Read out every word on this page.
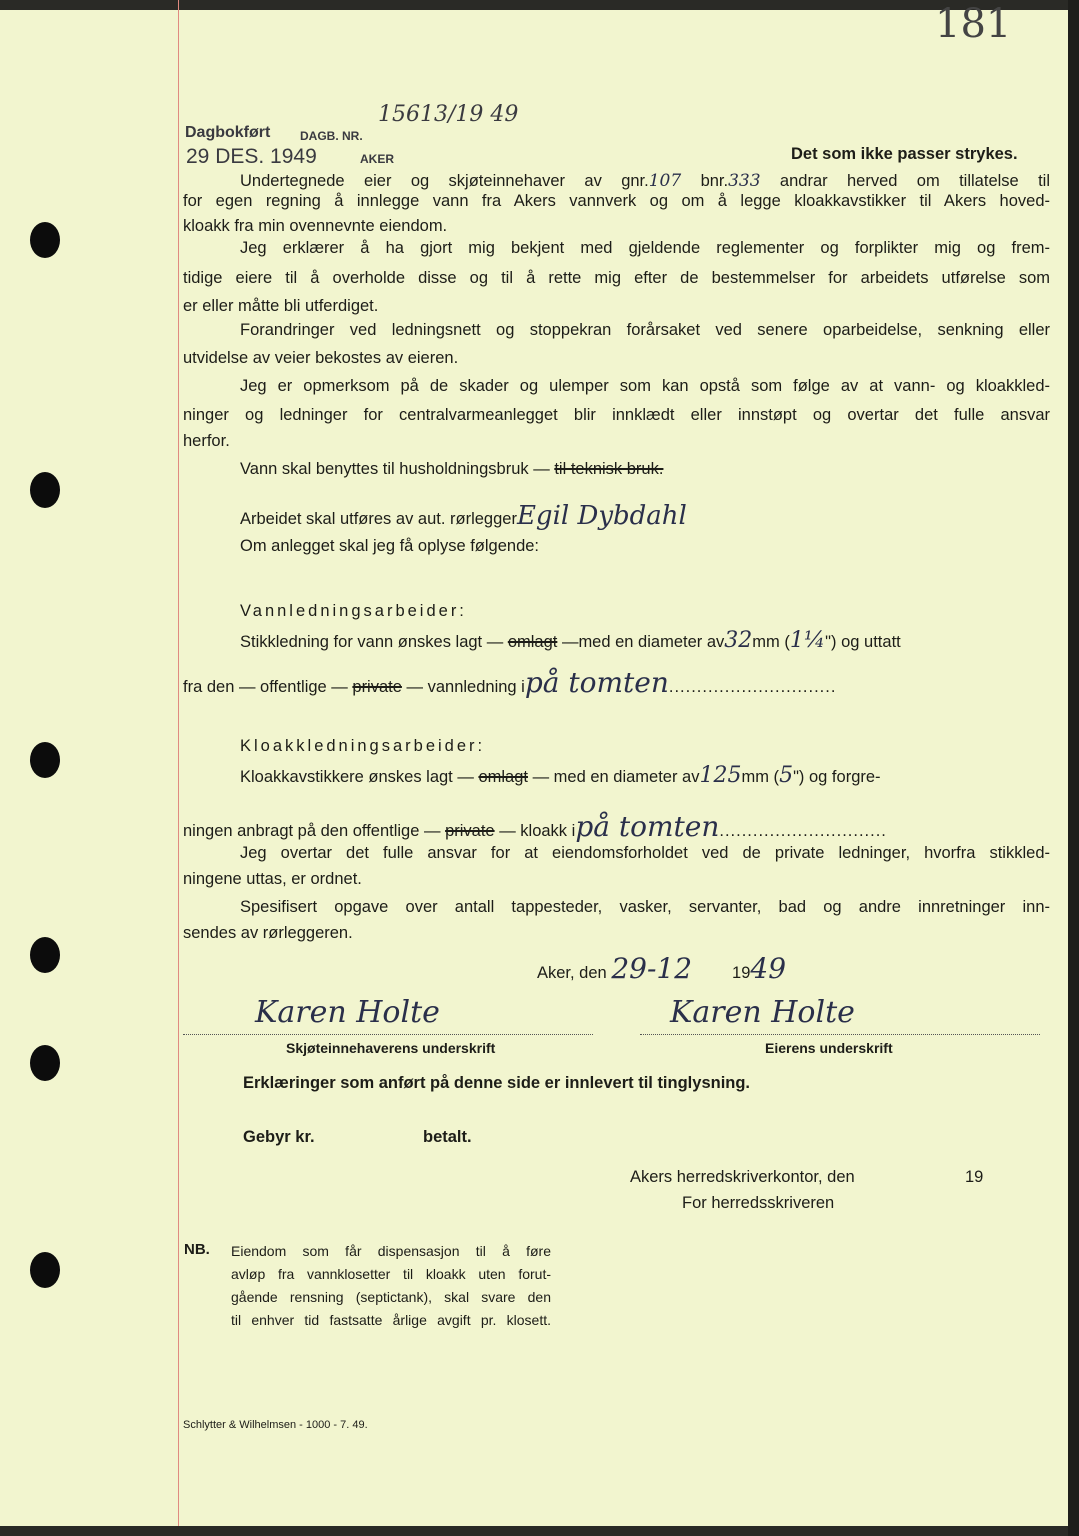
181
Dagbokført DAGB. NR.
15613/19 49
AKER
29 DES. 1949	Det som ikke passer strykes.
Undertegnede eier og skjøteinnehaver av gnr.107 bnr.333 andrar herved om tillatelse til
for egen regning å innlegge vann fra Akers vannverk og om å legge kloakkavstikker til Akers hoved-
kloakk fra min ovennevnte eiendom.
Jeg erklærer å ha gjort mig bekjent med gjeldende reglementer og forplikter mig og frem-
tidige eiere til å overholde disse og til å rette mig efter de bestemmelser for arbeidets utførelse som
er eller måtte bli utferdiget.
Forandringer ved ledningsnett og stoppekran forårsaket ved senere oparbeidelse, senkning eller
utvidelse av veier bekostes av eieren.
Jeg er opmerksom på de skader og ulemper som kan opstå som følge av at vann- og kloakkled-
ninger og ledninger for centralvarmeanlegget blir innklædt eller innstøpt og overtar det fulle ansvar
herfor.
Vann skal benyttes til husholdningsbruk — til teknisk bruk.
Arbeidet skal utføres av aut. rørleggerEgil Dybdahl
Om anlegget skal jeg få oplyse følgende:
Vannledningsarbeider:
Stikkledning for vann ønskes lagt — omlagt —med en diameter av32mm (1¼") og uttatt
fra den — offentlige — private — vannledning ipå tomten..............................
Kloakkledningsarbeider:
Kloakkavstikkere ønskes lagt — omlagt — med en diameter av125mm (5") og forgre-
ningen anbragt på den offentlige — private — kloakk ipå tomten..............................
Jeg overtar det fulle ansvar for at eiendomsforholdet ved de private ledninger, hvorfra stikkled-
ningene uttas, er ordnet.
Spesifisert opgave over antall tappesteder, vasker, servanter, bad og andre innretninger inn-
sendes av rørleggeren.
Aker, den 29-12 1949
Karen Holte
Skjøteinnehaverens underskrift
Karen Holte
Eierens underskrift
Erklæringer som anført på denne side er innlevert til tinglysning.
Gebyr kr.	betalt.
Akers herredskriverkontor, den	19
For herredsskriveren
NB. Eiendom som får dispensasjon til å føre
avløp fra vannklosetter til kloakk uten forut-
gående rensning (septictank), skal svare den
til enhver tid fastsatte årlige avgift pr. klosett.
Schlytter & Wilhelmsen - 1000 - 7. 49.
